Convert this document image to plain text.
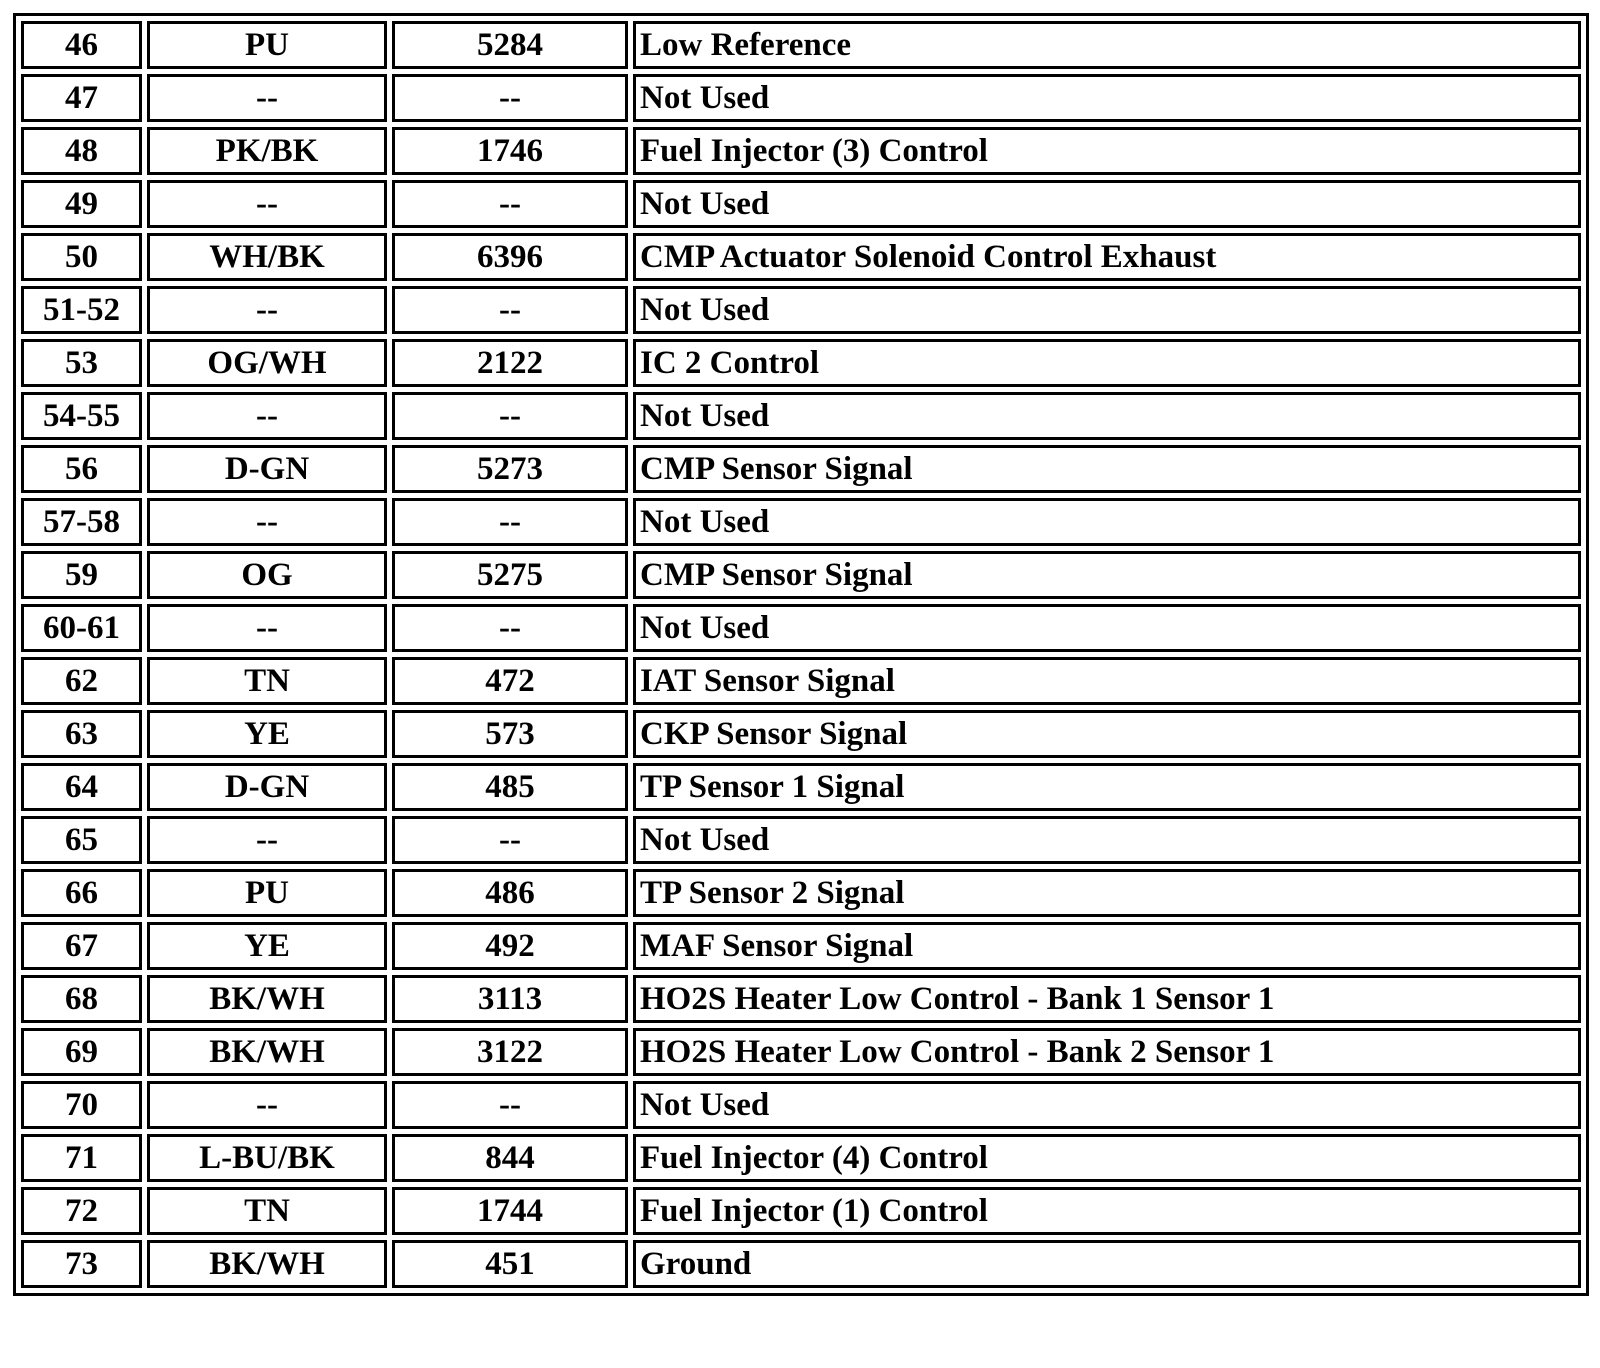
46	PU	5284	Low Reference
47	--	--	Not Used
48	PK/BK	1746	Fuel Injector (3) Control
49	--	--	Not Used
50	WH/BK	6396	CMP Actuator Solenoid Control Exhaust
51-52	--	--	Not Used
53	OG/WH	2122	IC 2 Control
54-55	--	--	Not Used
56	D-GN	5273	CMP Sensor Signal
57-58	--	--	Not Used
59	OG	5275	CMP Sensor Signal
60-61	--	--	Not Used
62	TN	472	IAT Sensor Signal
63	YE	573	CKP Sensor Signal
64	D-GN	485	TP Sensor 1 Signal
65	--	--	Not Used
66	PU	486	TP Sensor 2 Signal
67	YE	492	MAF Sensor Signal
68	BK/WH	3113	HO2S Heater Low Control - Bank 1 Sensor 1
69	BK/WH	3122	HO2S Heater Low Control - Bank 2 Sensor 1
70	--	--	Not Used
71	L-BU/BK	844	Fuel Injector (4) Control
72	TN	1744	Fuel Injector (1) Control
73	BK/WH	451	Ground
